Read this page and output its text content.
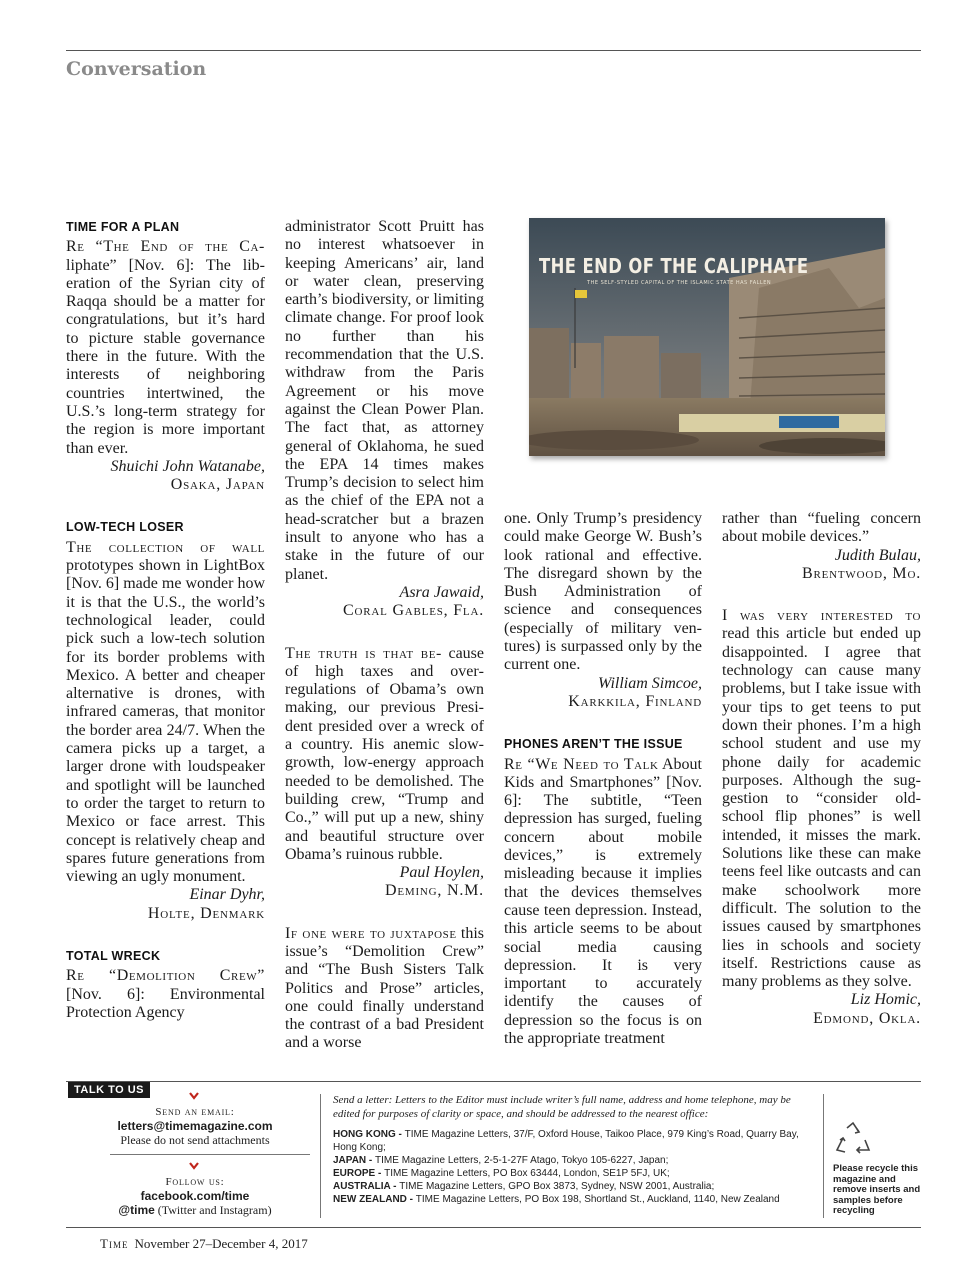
Conversation
TIME FOR A PLAN

Re “The End of the Ca- liphate” [Nov. 6]: The liberation of the Syrian city of Raqqa should be a matter for congratulations, but it’s hard to picture stable governance there in the future. With the interests of neighboring countries intertwined, the U.S.’s long-term strategy for the region is more important than ever.

Shuichi John Watanabe,
Osaka, Japan
LOW-TECH LOSER

The collection of wall prototypes shown in LightBox [Nov. 6] made me wonder how it is that the U.S., the world’s technological leader, could pick such a low-tech solution for its border problems with Mexico. A better and cheaper alternative is drones, with infrared cameras, that monitor the border area 24/7. When the camera picks up a target, a larger drone with loudspeaker and spotlight will be launched to order the target to return to Mexico or face arrest. This concept is relatively cheap and spares future generations from viewing an ugly monument.

Einar Dyhr,
Holte, Denmark
TOTAL WRECK

Re “Demolition Crew” [Nov. 6]: Environmental Protection Agency

administrator Scott Pruitt has no interest whatsoever in keeping Americans’ air, land or water clean, preserving earth’s biodiversity, or limiting climate change. For proof look no further than his recommendation that the U.S. withdraw from the Paris Agreement or his move against the Clean Power Plan. The fact that, as attorney general of Oklahoma, he sued the EPA 14 times makes Trump’s decision to select him as the chief of the EPA not a head-scratcher but a brazen insult to anyone who has a stake in the future of our planet.

Asra Jawaid,
Coral Gables, Fla.

The truth is that be- cause of high taxes and overregulations of Obama’s own making, our previous President presided over a wreck of a country. His anemic slow-growth, low-energy approach needed to be demolished. The building crew, “Trump and Co.,” will put up a new, shiny and beautiful structure over Obama’s ruinous rubble.

Paul Hoylen,
Deming, N.M.

If one were to juxtapose this issue’s “Demolition Crew” and “The Bush Sisters Talk Politics and Prose” articles, one could finally understand the contrast of a bad President and a worse

THE END OF THE CALIPHATE
THE SELF-STYLED CAPITAL OF THE ISLAMIC STATE HAS FALLEN

one. Only Trump’s presidency could make George W. Bush’s look rational and effective. The disregard shown by the Bush Administration of science and consequences (especially of military ventures) is surpassed only by the current one.

William Simcoe,
Karkkila, Finland
PHONES AREN’T THE ISSUE

Re “We Need to Talk About Kids and Smartphones” [Nov. 6]: The subtitle, “Teen depression has surged, fueling concern about mobile devices,” is extremely misleading because it implies that the devices themselves cause teen depression. Instead, this article seems to be about social media causing depression. It is very important to accurately identify the causes of depression so the focus is on the appropriate treatment

rather than “fueling concern about mobile devices.”

Judith Bulau,
Brentwood, Mo.

I was very interested to read this article but ended up disappointed. I agree that technology can cause many problems, but I take issue with your tips to get teens to put down their phones. I’m a high school student and use my phone daily for academic purposes. Although the suggestion to “consider old-school flip phones” is well intended, it misses the mark. Solutions like these can make teens feel like outcasts and can make schoolwork more difficult. The solution to the issues caused by smartphones lies in schools and society itself. Restrictions cause as many problems as they solve.

Liz Homic,
Edmond, Okla.
TALK TO US
Send an email:
letters@timemagazine.com
Please do not send attachments
Follow us:
facebook.com/time
@time (Twitter and Instagram)
Send a letter: Letters to the Editor must include writer’s full name, address and home telephone, may be edited for purposes of clarity or space, and should be addressed to the nearest office:
HONG KONG - TIME Magazine Letters, 37/F, Oxford House, Taikoo Place, 979 King’s Road, Quarry Bay, Hong Kong;
JAPAN - TIME Magazine Letters, 2-5-1-27F Atago, Tokyo 105-6227, Japan;
EUROPE - TIME Magazine Letters, PO Box 63444, London, SE1P 5FJ, UK;
AUSTRALIA - TIME Magazine Letters, GPO Box 3873, Sydney, NSW 2001, Australia;
NEW ZEALAND - TIME Magazine Letters, PO Box 198, Shortland St., Auckland, 1140, New Zealand
Please recycle this magazine and remove inserts and samples before recycling
Time November 27–December 4, 2017
